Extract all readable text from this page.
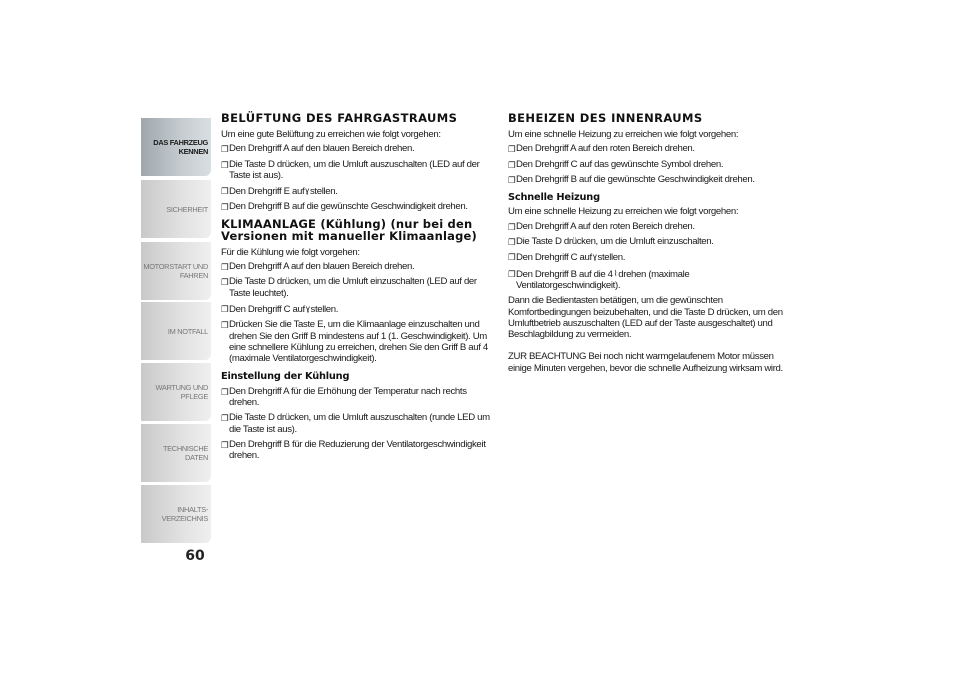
DAS FAHRZEUG
KENNEN
SICHERHEIT
MOTORSTART UND
FAHREN
IM NOTFALL
WARTUNG UND
PFLEGE
TECHNISCHE DATEN
INHALTS-
VERZEICHNIS
60
BELÜFTUNG DES FAHRGASTRAUMS

Um eine gute Belüftung zu erreichen wie folgt vorgehen:

❐ Den Drehgriff A auf den blauen Bereich drehen.
❐ Die Taste D drücken, um die Umluft auszuschalten (LED auf der Taste ist aus).
❐ Den Drehgriff E aufɣstellen.
❐ Den Drehgriff B auf die gewünschte Geschwindigkeit drehen.
KLIMAANLAGE (Kühlung) (nur bei den Versionen mit manueller Klimaanlage)

Für die Kühlung wie folgt vorgehen:

❐ Den Drehgriff A auf den blauen Bereich drehen.
❐ Die Taste D drücken, um die Umluft einzuschalten (LED auf der Taste leuchtet).
❐ Den Drehgriff C aufɣstellen.
❐ Drücken Sie die Taste E, um die Klimaanlage einzuschalten und drehen Sie den Griff B mindestens auf 1 (1. Geschwindigkeit). Um eine schnellere Kühlung zu erreichen, drehen Sie den Griff B auf 4 (maximale Ventilatorgeschwindigkeit).
Einstellung der Kühlung
❐ Den Drehgriff A für die Erhöhung der Temperatur nach rechts drehen.
❐ Die Taste D drücken, um die Umluft auszuschalten (runde LED um die Taste ist aus).
❐ Den Drehgriff B für die Reduzierung der Ventilatorgeschwindigkeit drehen.
BEHEIZEN DES INNENRAUMS

Um eine schnelle Heizung zu erreichen wie folgt vorgehen:

❐ Den Drehgriff A auf den roten Bereich drehen.
❐ Den Drehgriff C auf das gewünschte Symbol drehen.
❐ Den Drehgriff B auf die gewünschte Geschwindigkeit drehen.
Schnelle Heizung

Um eine schnelle Heizung zu erreichen wie folgt vorgehen:

❐ Den Drehgriff A auf den roten Bereich drehen.
❐ Die Taste D drücken, um die Umluft einzuschalten.
❐ Den Drehgriff C aufɣstellen.
❐ Den Drehgriff B auf die 4⌇drehen (maximale Ventilatorgeschwindigkeit).

Dann die Bedientasten betätigen, um die gewünschten Komfortbedingungen beizubehalten, und die Taste D drücken, um den Umluftbetrieb auszuschalten (LED auf der Taste ausgeschaltet) und Beschlagbildung zu vermeiden.

ZUR BEACHTUNG Bei noch nicht warmgelaufenem Motor müssen einige Minuten vergehen, bevor die schnelle Aufheizung wirksam wird.
